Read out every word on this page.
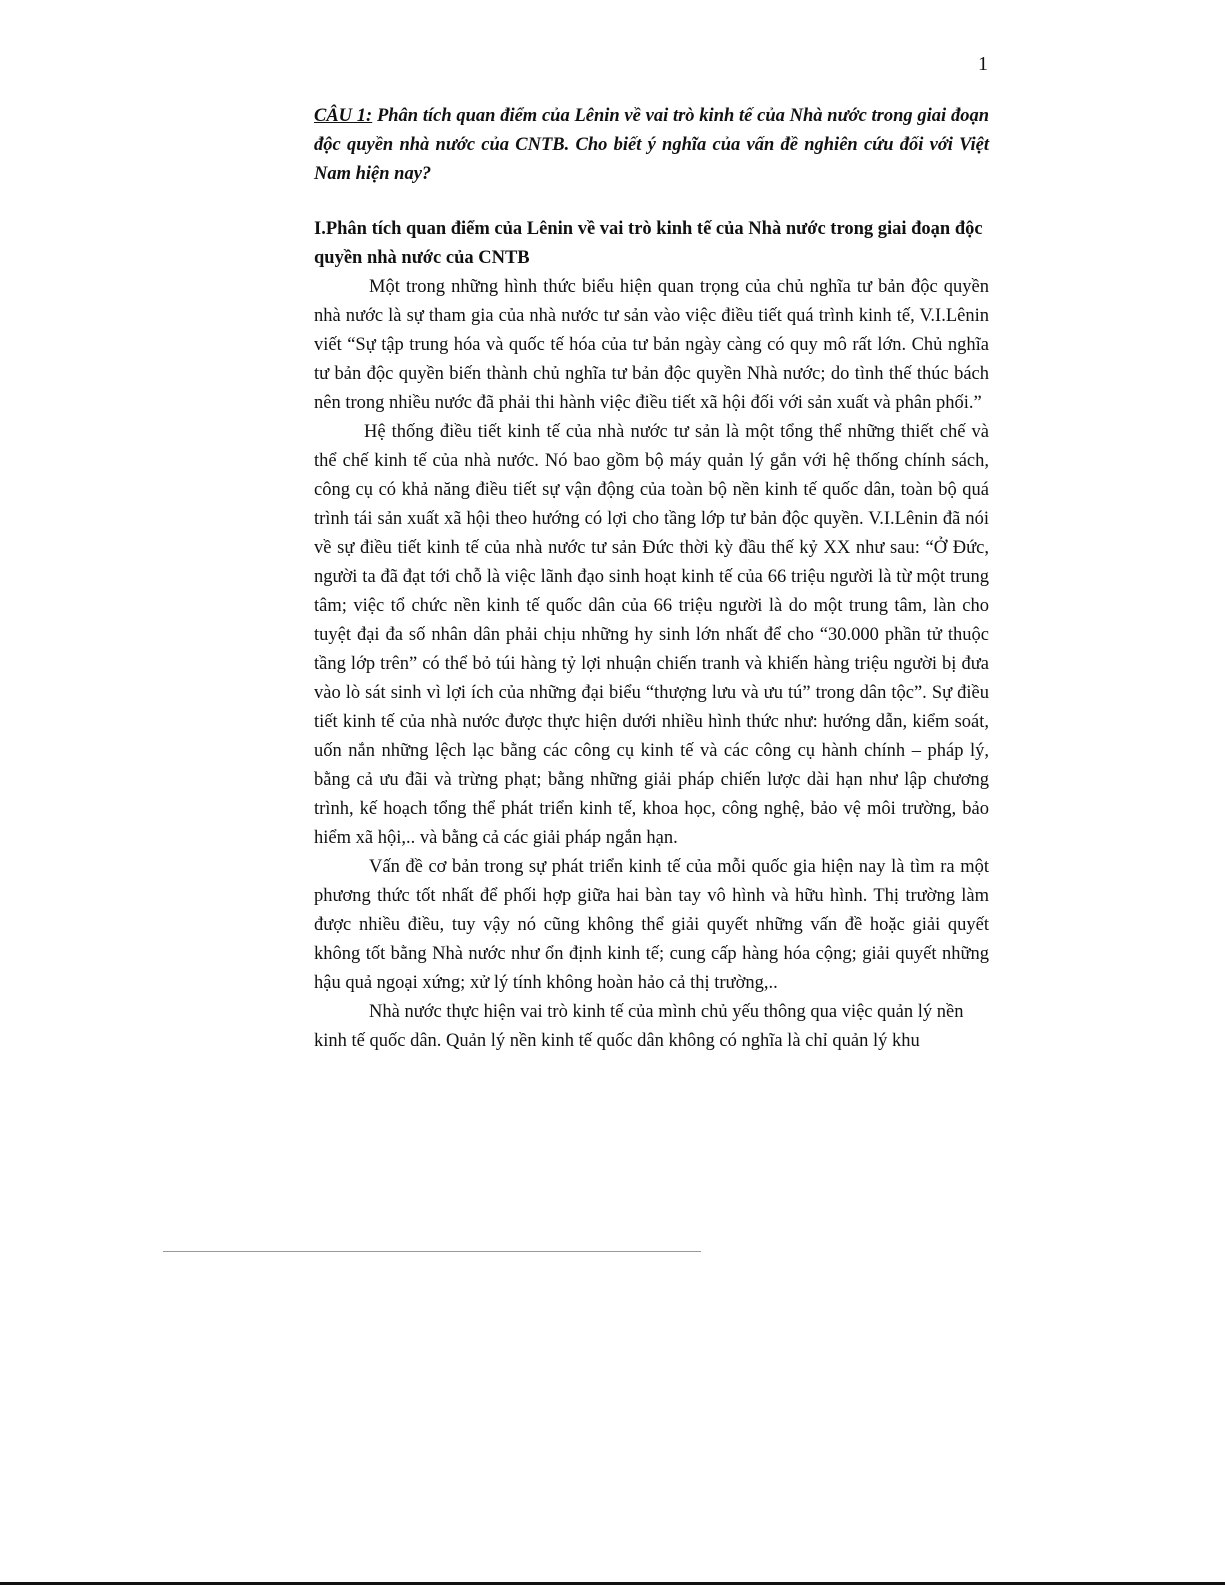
1

CÂU 1: Phân tích quan điểm của Lênin về vai trò kinh tế của Nhà nước trong giai đoạn độc quyền nhà nước của CNTB. Cho biết ý nghĩa của vấn đề nghiên cứu đối với Việt Nam hiện nay?

I.Phân tích quan điểm của Lênin về vai trò kinh tế của Nhà nước trong giai đoạn độc quyền nhà nước của CNTB

Một trong những hình thức biểu hiện quan trọng của chủ nghĩa tư bản độc quyền nhà nước là sự tham gia của nhà nước tư sản vào việc điều tiết quá trình kinh tế, V.I.Lênin viết “Sự tập trung hóa và quốc tế hóa của tư bản ngày càng có quy mô rất lớn. Chủ nghĩa tư bản độc quyền biến thành chủ nghĩa tư bản độc quyền Nhà nước; do tình thế thúc bách nên trong nhiều nước đã phải thi hành việc điều tiết xã hội đối với sản xuất và phân phối.”

Hệ thống điều tiết kinh tế của nhà nước tư sản là một tổng thể những thiết chế và thể chế kinh tế của nhà nước. Nó bao gồm bộ máy quản lý gắn với hệ thống chính sách, công cụ có khả năng điều tiết sự vận động của toàn bộ nền kinh tế quốc dân, toàn bộ quá trình tái sản xuất xã hội theo hướng có lợi cho tầng lớp tư bản độc quyền. V.I.Lênin đã nói về sự điều tiết kinh tế của nhà nước tư sản Đức thời kỳ đầu thế kỷ XX như sau: “Ở Đức, người ta đã đạt tới chỗ là việc lãnh đạo sinh hoạt kinh tế của 66 triệu người là từ một trung tâm; việc tổ chức nền kinh tế quốc dân của 66 triệu người là do một trung tâm, làn cho tuyệt đại đa số nhân dân phải chịu những hy sinh lớn nhất để cho “30.000 phần tử thuộc tầng lớp trên” có thể bỏ túi hàng tỷ lợi nhuận chiến tranh và khiến hàng triệu người bị đưa vào lò sát sinh vì lợi ích của những đại biểu “thượng lưu và ưu tú” trong dân tộc”. Sự điều tiết kinh tế của nhà nước được thực hiện dưới nhiều hình thức như: hướng dẫn, kiểm soát, uốn nắn những lệch lạc bằng các công cụ kinh tế và các công cụ hành chính – pháp lý, bằng cả ưu đãi và trừng phạt; bằng những giải pháp chiến lược dài hạn như lập chương trình, kế hoạch tổng thể phát triển kinh tế, khoa học, công nghệ, bảo vệ môi trường, bảo hiểm xã hội,.. và bằng cả các giải pháp ngắn hạn.

Vấn đề cơ bản trong sự phát triển kinh tế của mỗi quốc gia hiện nay là tìm ra một phương thức tốt nhất để phối hợp giữa hai bàn tay vô hình và hữu hình. Thị trường làm được nhiều điều, tuy vậy nó cũng không thể giải quyết những vấn đề hoặc giải quyết không tốt bằng Nhà nước như ổn định kinh tế; cung cấp hàng hóa cộng; giải quyết những hậu quả ngoại xứng; xử lý tính không hoàn hảo cả thị trường,..

Nhà nước thực hiện vai trò kinh tế của mình chủ yếu thông qua việc quản lý nền kinh tế quốc dân. Quản lý nền kinh tế quốc dân không có nghĩa là chỉ quản lý khu
